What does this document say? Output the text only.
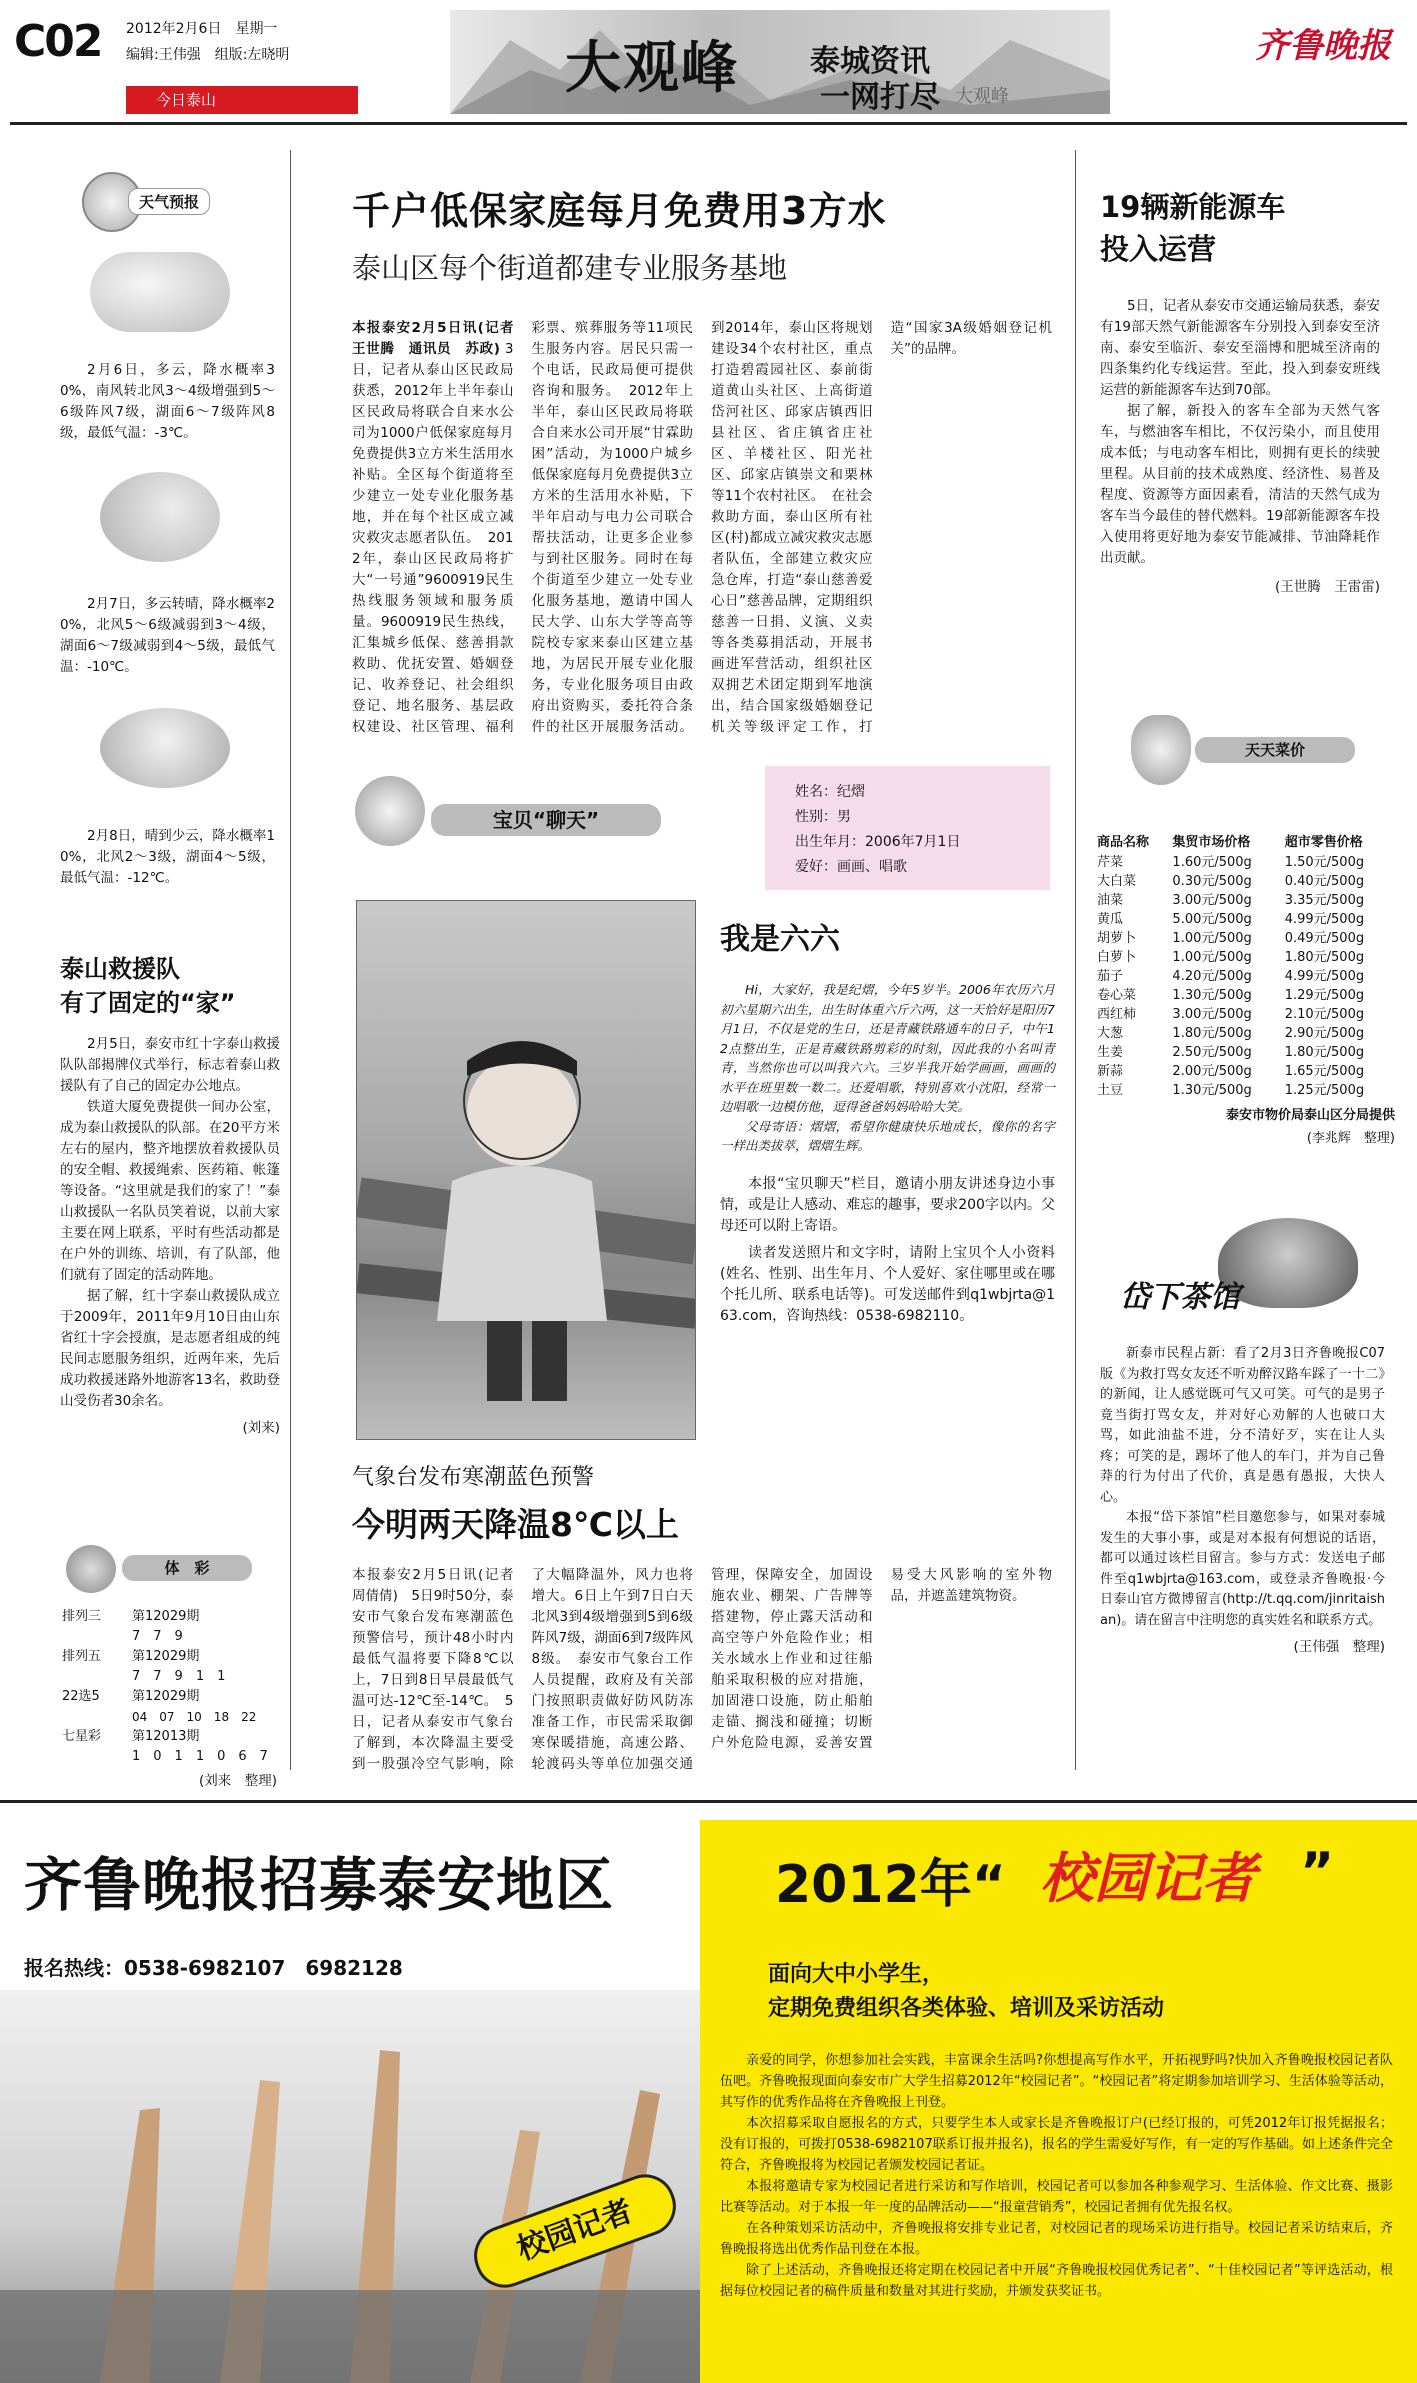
C02 2012年2月6日　星期一
编辑:王伟强　组版:左晓明
今日泰山	大观峰 泰城资讯
一网打尽 大观峰
齐鲁晚报
天气预报
2月6日，多云，降水概率30%，南风转北风3～4级增强到5～6级阵风7级，湖面6～7级阵风8级，最低气温：-3℃。
2月7日，多云转晴，降水概率20%，北风5～6级减弱到3～4级，湖面6～7级减弱到4～5级，最低气温：-10℃。
2月8日，晴到少云，降水概率10%，北风2～3级，湖面4～5级，最低气温：-12℃。
泰山救援队
有了固定的“家”

2月5日，泰安市红十字泰山救援队队部揭牌仪式举行，标志着泰山救援队有了自己的固定办公地点。

铁道大厦免费提供一间办公室，成为泰山救援队的队部。在20平方米左右的屋内，整齐地摆放着救援队员的安全帽、救援绳索、医药箱、帐篷等设备。“这里就是我们的家了！”泰山救援队一名队员笑着说，以前大家主要在网上联系，平时有些活动都是在户外的训练、培训，有了队部，他们就有了固定的活动阵地。

据了解，红十字泰山救援队成立于2009年，2011年9月10日由山东省红十字会授旗，是志愿者组成的纯民间志愿服务组织，近两年来，先后成功救援迷路外地游客13名，救助登山受伤者30余名。

(刘来)
体　彩
排列三	第12029期
7　7　9

排列五	第12029期
7　7　9　1　1

22选5	第12029期
04　07　10　18　22

七星彩	第12013期
1　0　1　1　0　6　7
(刘来　整理)
千户低保家庭每月免费用3方水
泰山区每个街道都建专业服务基地
本报泰安2月5日讯(记者　王世腾　通讯员　苏政) 3日，记者从泰山区民政局获悉，2012年上半年泰山区民政局将联合自来水公司为1000户低保家庭每月免费提供3立方米生活用水补贴。全区每个街道将至少建立一处专业化服务基地，并在每个社区成立减灾救灾志愿者队伍。　2012年，泰山区民政局将扩大“一号通”9600919民生热线服务领域和服务质量。9600919民生热线，汇集城乡低保、慈善捐款救助、优抚安置、婚姻登记、收养登记、社会组织登记、地名服务、基层政权建设、社区管理、福利彩票、殡葬服务等11项民生服务内容。居民只需一个电话，民政局便可提供咨询和服务。　2012年上半年，泰山区民政局将联合自来水公司开展“甘霖助困”活动，为1000户城乡低保家庭每月免费提供3立方米的生活用水补贴，下半年启动与电力公司联合帮扶活动，让更多企业参与到社区服务。同时在每个街道至少建立一处专业化服务基地，邀请中国人民大学、山东大学等高等院校专家来泰山区建立基地，为居民开展专业化服务，专业化服务项目由政府出资购买，委托符合条件的社区开展服务活动。到2014年，泰山区将规划建设34个农村社区，重点打造碧霞园社区、泰前街道黄山头社区、上高街道岱河社区、邱家店镇西旧县社区、省庄镇省庄社区、羊楼社区、阳光社区、邱家店镇崇文和栗林等11个农村社区。　在社会救助方面，泰山区所有社区(村)都成立减灾救灾志愿者队伍，全部建立救灾应急仓库，打造“泰山慈善爱心日”慈善品牌，定期组织慈善一日捐、义演、义卖等各类募捐活动，开展书画进军营活动，组织社区双拥艺术团定期到军地演出，结合国家级婚姻登记机关等级评定工作，打造“国家3A级婚姻登记机关”的品牌。
19辆新能源车
投入运营

5日，记者从泰安市交通运输局获悉，泰安有19部天然气新能源客车分别投入到泰安至济南、泰安至临沂、泰安至淄博和肥城至济南的四条集约化专线运营。至此，投入到泰安班线运营的新能源客车达到70部。

据了解，新投入的客车全部为天然气客车，与燃油客车相比，不仅污染小，而且使用成本低；与电动客车相比，则拥有更长的续驶里程。从目前的技术成熟度、经济性、易普及程度、资源等方面因素看，清洁的天然气成为客车当今最佳的替代燃料。19部新能源客车投入使用将更好地为泰安节能减排、节油降耗作出贡献。

(王世腾　王雷雷)
天天菜价
商品名称	集贸市场价格	超市零售价格
芹菜	1.60元/500g	1.50元/500g
大白菜	0.30元/500g	0.40元/500g
油菜	3.00元/500g	3.35元/500g
黄瓜	5.00元/500g	4.99元/500g
胡萝卜	1.00元/500g	0.49元/500g
白萝卜	1.00元/500g	1.80元/500g
茄子	4.20元/500g	4.99元/500g
卷心菜	1.30元/500g	1.29元/500g
西红柿	3.00元/500g	2.10元/500g
大葱	1.80元/500g	2.90元/500g
生姜	2.50元/500g	1.80元/500g
新蒜	2.00元/500g	1.65元/500g
土豆	1.30元/500g	1.25元/500g
泰安市物价局泰山区分局提供
(李兆辉　整理)
岱下茶馆

新泰市民程占新：看了2月3日齐鲁晚报C07版《为救打骂女友还不听劝醉汉路车踩了一十二》的新闻，让人感觉既可气又可笑。可气的是男子竟当街打骂女友，并对好心劝解的人也破口大骂，如此油盐不进，分不清好歹，实在让人头疼；可笑的是，踢坏了他人的车门，并为自己鲁莽的行为付出了代价，真是愚有愚报，大快人心。

本报“岱下茶馆”栏目邀您参与，如果对泰城发生的大事小事，或是对本报有何想说的话语，都可以通过该栏目留言。参与方式：发送电子邮件至q1wbjrta@163.com，或登录齐鲁晚报·今日泰山官方微博留言(http://t.qq.com/jinritaishan)。请在留言中注明您的真实姓名和联系方式。

(王伟强　整理)
宝贝“聊天”
姓名：纪熠
性别：男
出生年月：2006年7月1日
爱好：画画、唱歌
我是六六

Hi，大家好，我是纪熠，今年5岁半。2006年农历六月初六星期六出生，出生时体重六斤六两，这一天恰好是阳历7月1日，不仅是党的生日，还是青藏铁路通车的日子，中午12点整出生，正是青藏铁路剪彩的时刻，因此我的小名叫青青，当然你也可以叫我六六。三岁半我开始学画画，画画的水平在班里数一数二。还爱唱歌，特别喜欢小沈阳，经常一边唱歌一边模仿他，逗得爸爸妈妈哈哈大笑。

父母寄语：熠熠，希望你健康快乐地成长，像你的名字一样出类拔萃，熠熠生辉。

本报“宝贝聊天”栏目，邀请小朋友讲述身边小事情，或是让人感动、难忘的趣事，要求200字以内。父母还可以附上寄语。

读者发送照片和文字时，请附上宝贝个人小资料(姓名、性别、出生年月、个人爱好、家住哪里或在哪个托儿所、联系电话等)。可发送邮件到q1wbjrta@163.com，咨询热线：0538-6982110。

气象台发布寒潮蓝色预警
今明两天降温8℃以上
本报泰安2月5日讯(记者　周倩倩)　5日9时50分，泰安市气象台发布寒潮蓝色预警信号，预计48小时内最低气温将要下降8℃以上，7日到8日早晨最低气温可达-12℃至-14℃。　5日，记者从泰安市气象台了解到，本次降温主要受到一股强冷空气影响，除了大幅降温外，风力也将增大。6日上午到7日白天北风3到4级增强到5到6级阵风7级，湖面6到7级阵风8级。　泰安市气象台工作人员提醒，政府及有关部门按照职责做好防风防冻准备工作，市民需采取御寒保暖措施，高速公路、轮渡码头等单位加强交通管理，保障安全，加固设施农业、棚架、广告牌等搭建物，停止露天活动和高空等户外危险作业；相关水域水上作业和过往船舶采取积极的应对措施，加固港口设施，防止船舶走锚、搁浅和碰撞；切断户外危险电源，妥善安置易受大风影响的室外物品，并遮盖建筑物资。
齐鲁晚报招募泰安地区	2012年“ 校园记者 ”
报名热线：0538-6982107　6982128
校园记者
面向大中小学生，
定期免费组织各类体验、培训及采访活动

亲爱的同学，你想参加社会实践，丰富课余生活吗?你想提高写作水平，开拓视野吗?快加入齐鲁晚报校园记者队伍吧。齐鲁晚报现面向泰安市广大学生招募2012年“校园记者”。“校园记者”将定期参加培训学习、生活体验等活动，其写作的优秀作品将在齐鲁晚报上刊登。

本次招募采取自愿报名的方式，只要学生本人或家长是齐鲁晚报订户(已经订报的，可凭2012年订报凭据报名；没有订报的，可拨打0538-6982107联系订报并报名)，报名的学生需爱好写作，有一定的写作基础。如上述条件完全符合，齐鲁晚报将为校园记者颁发校园记者证。

本报将邀请专家为校园记者进行采访和写作培训，校园记者可以参加各种参观学习、生活体验、作文比赛、摄影比赛等活动。对于本报一年一度的品牌活动——“报童营销秀”，校园记者拥有优先报名权。

在各种策划采访活动中，齐鲁晚报将安排专业记者，对校园记者的现场采访进行指导。校园记者采访结束后，齐鲁晚报将选出优秀作品刊登在本报。

除了上述活动，齐鲁晚报还将定期在校园记者中开展“齐鲁晚报校园优秀记者”、“十佳校园记者”等评选活动，根据每位校园记者的稿件质量和数量对其进行奖励，并颁发获奖证书。
